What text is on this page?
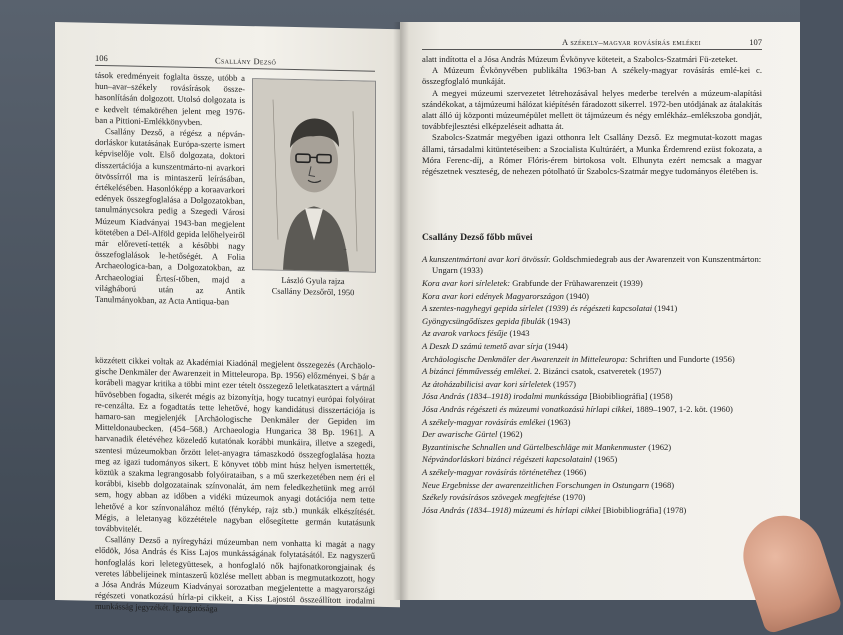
106	Csallány Dezső

tások eredményeit foglalta össze, utóbb a hun–avar–székely rovásírások össze-hasonlításán dolgozott. Utolsó dolgozata is e kedvelt témaköréhen jelent meg 1976-ban a Pittioni-Emlékkönyvben.

Csallány Dezső, a régész a népván-dorláskor kutatásának Európa-szerte ismert képviselője volt. Első dolgozata, doktori disszertációja a kunszentmárto-ni avarkori ötvössírról ma is mintaszerű leírásában, értékelésében. Hasonlóképp a koraavarkori edények összegfoglalása a Dolgozatokban, tanulmánycsokra pedig a Szegedi Városi Múzeum Kiadványai 1943-ban megjelent kötetében a Dél-Alföld gepida lelőhelyeiről már előrevetí-tették a későbbi nagy összefoglalások le-hetőségét. A Folia Archaeologica-ban, a Dolgozatokban, az Archaeologiai Értesí-tőben, majd a világháború után az Antik Tanulmányokban, az Acta Antiqua-ban

~
László Gyula rajza
Csallány Dezsőről, 1950

közzétett cikkei voltak az Akadémiai Kiadónál megjelent összegezés (Archäolo-gische Denkmäler der Awarenzeit in Mitteleuropa. Bp. 1956) előzményei. S bár a korábeli magyar kritika a többi mint ezer tételt összegező leletkatasztert a vártnál hűvösebben fogadta, sikerét mégis az bizonyítja, hogy tucatnyi európai folyóirat re-cenzálta. Ez a fogadtatás tette lehetővé, hogy kandidátusi disszertációja is hamaro-san megjelenjék [Archäologische Denkmäler der Gepiden im Mitteldonaubecken. (454–568.) Archaeologia Hungarica 38 Bp. 1961]. A harvanadik életévéhez közeledő kutatónak korábbi munkáira, illetve a szegedi, szentesi múzeumokban őrzött lelet-anyagra támaszkodó összegfoglalása hozta meg az igazi tudományos sikert. E könyvet több mint húsz helyen ismertették, köztük a szakma legrangosabb folyóirataiban, s a mű szerkezetében nem éri el korábbi, kisebb dolgozatainak színvonalát, ám nem feledkezhetünk meg arról sem, hogy abban az időben a vidéki múzeumok anyagi dotációja nem tette lehetővé a kor színvonalához méltó (fénykép, rajz stb.) munkák elkészítését. Mégis, a leletanyag közzététele nagyban elősegítette germán kutatásunk továbbvitelét.

Csallány Dezső a nyíregyházi múzeumban nem vonhatta ki magát a nagy elődök, Jósa András és Kiss Lajos munkásságának folytatásától. Ez nagyszerű honfoglalás kori leletegyüttesek, a honfoglaló nők hajfonatkorongjainak és veretes lábbelijeinek mintaszerű közlése mellett abban is megmutatkozott, hogy a Jósa András Múzeum Kiadványai sorozatban megjelentette a magyarországi régészeti vonatkozású hírla-pi cikkeit, a Kiss Lajostól összeállított irodalmi munkásság jegyzékét. Igazgatósága

A székely–magyar rovásírás emlékei	107

alatt indította el a Jósa András Múzeum Évkönyve köteteit, a Szabolcs-Szatmári Fü-zeteket.

A Múzeum Évkönyvében publikálta 1963-ban A székely-magyar rovásírás emlé-kei c. összegfoglaló munkáját.

A megyei múzeumi szervezetet létrehozásával helyes mederbe terelvén a múzeum-alapítási szándékokat, a tájmúzeumi hálózat kiépítésén fáradozott sikerrel. 1972-ben utódjának az átalakítás alatt álló új központi múzeumépület mellett öt tájmúzeum és négy emlékház–emlékszoba gondját, továbbfejlesztési elképzeléseit adhatta át.

Szabolcs-Szatmár megyében igazi otthonra lelt Csallány Dezső. Ez megmutat-kozott magas állami, társadalmi kitüntetéseiben: a Szocialista Kultúráért, a Munka Érdemrend ezüst fokozata, a Móra Ferenc-díj, a Rómer Flóris-érem birtokosa volt. Elhunyta ezért nemcsak a magyar régészetnek veszteség, de nehezen pótolható űr Szabolcs-Szatmár megye tudományos életében is.

Csallány Dezső főbb művei
A kunszentmártoni avar kori ötvössír. Goldschmiedegrab aus der Awarenzeit von Kunszentmárton: Ungarn (1933)
Kora avar kori sírleletek: Grabfunde der Frühawarenzeit (1939)
Kora avar kori edények Magyarországon (1940)
A szentes-nagyhegyi gepida sírlelet (1939) és régészeti kapcsolatai (1941)
Gyöngycsüngődíszes gepida fibulák (1943)
Az avarok varkocs fésűje (1943
A Deszk D számú temető avar sírja (1944)
Archäologische Denkmäler der Awarenzeit in Mitteleuropa: Schriften und Fundorte (1956)
A bizánci fémművesség emlékei. 2. Bizánci csatok, csatveretek (1957)
Az átoházabilicisi avar kori sírleletek (1957)
Jósa András (1834–1918) irodalmi munkássága [Biobibliográfia] (1958)
Jósa András régészeti és múzeumi vonatkozású hírlapi cikkei, 1889–1907, 1-2. köt. (1960)
A székely-magyar rovásírás emlékei (1963)
Der awarische Gürtel (1962)
Byzantinische Schnallen und Gürtelbeschläge mit Mankenmuster (1962)
Népvándorláskori bizánci régészeti kapcsolatainl (1965)
A székely-magyar rovásírás történetéhez (1966)
Neue Ergebnisse der awarenzeitlichen Forschungen in Ostungarn (1968)
Székely rovásírásos szövegek megfejtése (1970)
Jósa András (1834–1918) múzeumi és hírlapi cikkei [Biobibliográfia] (1978)
